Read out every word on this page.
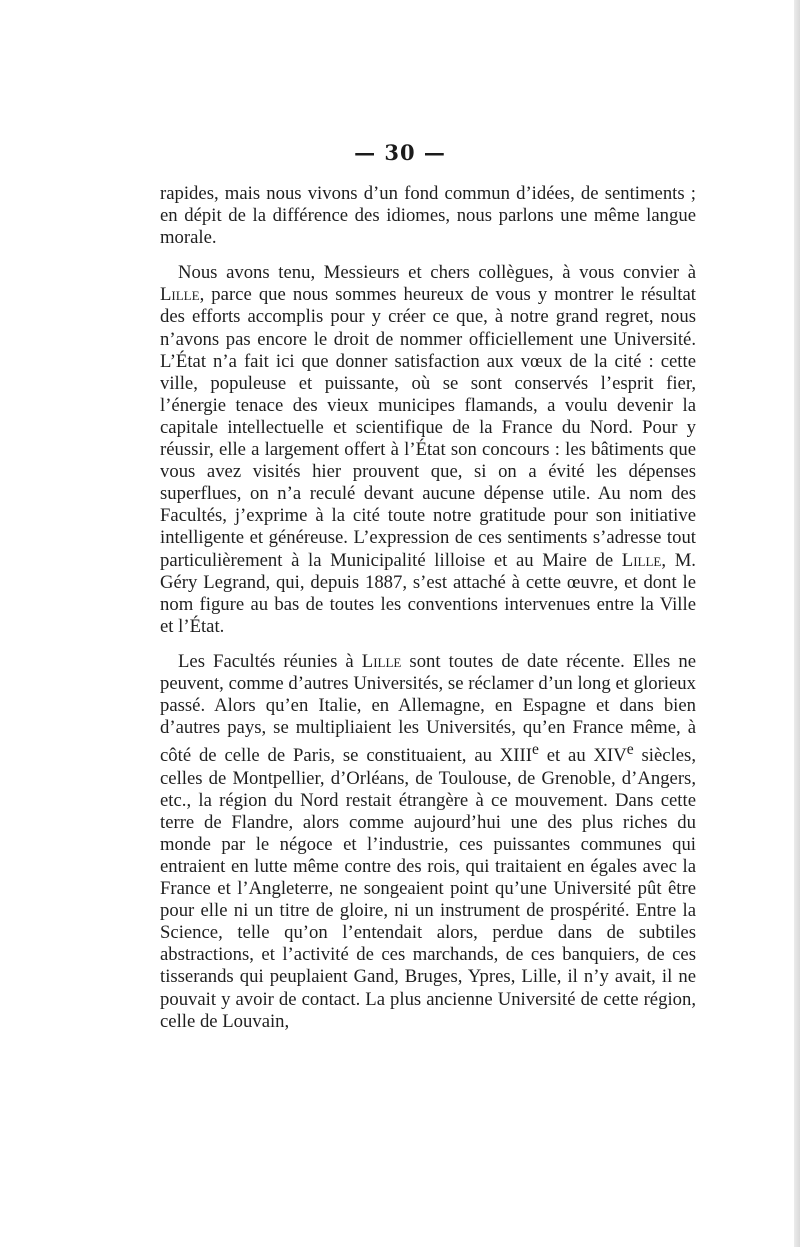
— 30 —

rapides, mais nous vivons d’un fond commun d’idées, de sentiments ; en dépit de la différence des idiomes, nous parlons une même langue morale.

Nous avons tenu, Messieurs et chers collègues, à vous convier à Lille, parce que nous sommes heureux de vous y montrer le résultat des efforts accomplis pour y créer ce que, à notre grand regret, nous n’avons pas encore le droit de nommer officiellement une Université. L’État n’a fait ici que donner satisfaction aux vœux de la cité : cette ville, populeuse et puissante, où se sont conservés l’esprit fier, l’énergie tenace des vieux municipes flamands, a voulu devenir la capitale intellectuelle et scientifique de la France du Nord. Pour y réussir, elle a largement offert à l’État son concours : les bâtiments que vous avez visités hier prouvent que, si on a évité les dépenses superflues, on n’a reculé devant aucune dépense utile. Au nom des Facultés, j’exprime à la cité toute notre gratitude pour son initiative intelligente et généreuse. L’expression de ces sentiments s’adresse tout particulièrement à la Municipalité lilloise et au Maire de Lille, M. Géry Legrand, qui, depuis 1887, s’est attaché à cette œuvre, et dont le nom figure au bas de toutes les conventions intervenues entre la Ville et l’État.

Les Facultés réunies à Lille sont toutes de date récente. Elles ne peuvent, comme d’autres Universités, se réclamer d’un long et glorieux passé. Alors qu’en Italie, en Allemagne, en Espagne et dans bien d’autres pays, se multipliaient les Universités, qu’en France même, à côté de celle de Paris, se constituaient, au XIIIe et au XIVe siècles, celles de Montpellier, d’Orléans, de Toulouse, de Grenoble, d’Angers, etc., la région du Nord restait étrangère à ce mouvement. Dans cette terre de Flandre, alors comme aujourd’hui une des plus riches du monde par le négoce et l’industrie, ces puissantes communes qui entraient en lutte même contre des rois, qui traitaient en égales avec la France et l’Angleterre, ne songeaient point qu’une Université pût être pour elle ni un titre de gloire, ni un instrument de prospérité. Entre la Science, telle qu’on l’entendait alors, perdue dans de subtiles abstractions, et l’activité de ces marchands, de ces banquiers, de ces tisserands qui peuplaient Gand, Bruges, Ypres, Lille, il n’y avait, il ne pouvait y avoir de contact. La plus ancienne Université de cette région, celle de Louvain,
